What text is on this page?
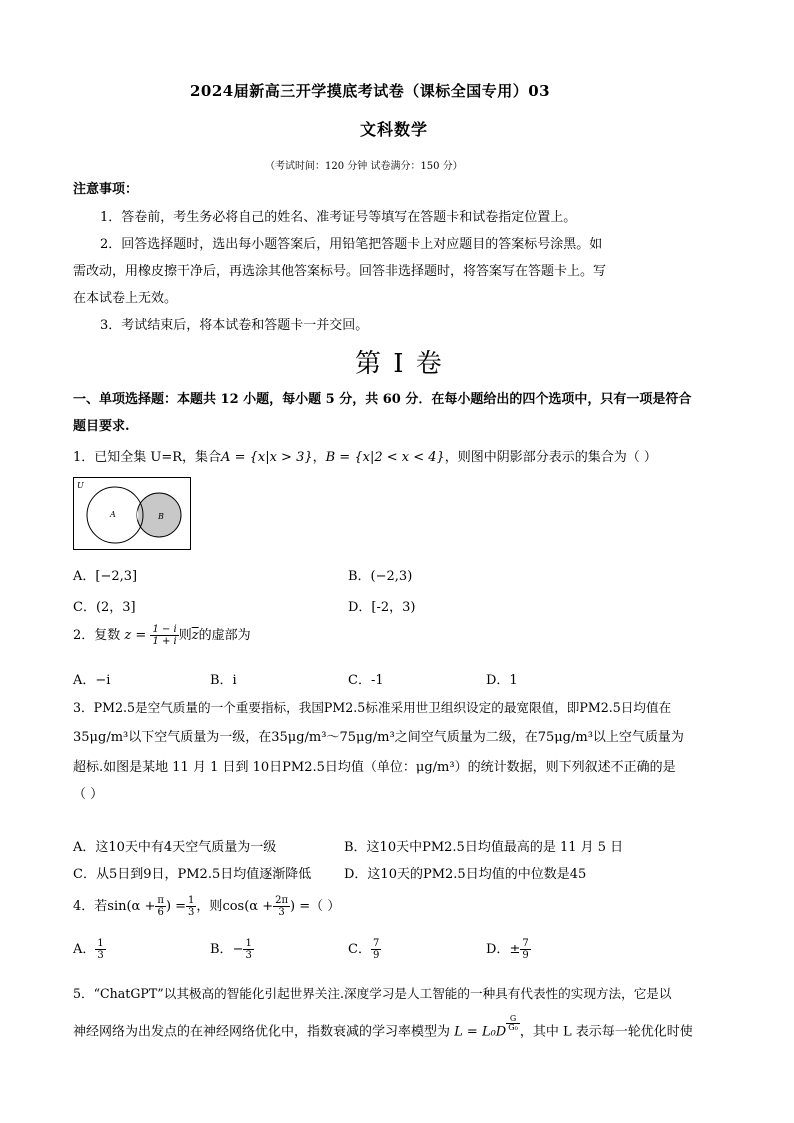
2024届新高三开学摸底考试卷（课标全国专用）03
文科数学
（考试时间：120 分钟 试卷满分：150 分）
注意事项：
1．答卷前，考生务必将自己的姓名、准考证号等填写在答题卡和试卷指定位置上。
2．回答选择题时，选出每小题答案后，用铅笔把答题卡上对应题目的答案标号涂黑。如
需改动，用橡皮擦干净后，再选涂其他答案标号。回答非选择题时，将答案写在答题卡上。写
在本试卷上无效。
3．考试结束后，将本试卷和答题卡一并交回。
第 I 卷
一、单项选择题：本题共 12 小题，每小题 5 分，共 60 分．在每小题给出的四个选项中，只有一项是符合
题目要求.
1．已知全集 U=R，集合A = {x|x > 3}，B = {x|2 < x < 4}，则图中阴影部分表示的集合为（ ）
U
A	B
A．[−2,3]	B．(−2,3)
C．(2，3]	D．[-2，3)
2．复数 $z = \frac{1 - i}{1 + i}$ 则$\overline{z}$的虚部为
A．−i	B．i	C．-1	D．1
3．PM2.5是空气质量的一个重要指标，我国PM2.5标准采用世卫组织设定的最宽限值，即PM2.5日均值在
35μg/m³以下空气质量为一级，在35μg/m³～75μg/m³之间空气质量为二级，在75μg/m³以上空气质量为
超标.如图是某地 11 月 1 日到 10日PM2.5日均值（单位：μg/m³）的统计数据，则下列叙述不正确的是
（ ）
A．这10天中有4天空气质量为一级	B．这10天中PM2.5日均值最高的是 11 月 5 日
C．从5日到9日，PM2.5日均值逐渐降低	D．这10天的PM2.5日均值的中位数是45
4．若$\sin(\alpha + \frac{\pi}{6}$ ) = $\frac{1}{3}$ ，则$\cos(\alpha + \frac{2\pi}{3}$ ) =（ ）
A． $\frac{1}{3}$	B．− $\frac{1}{3}$	C． $\frac{7}{9}$	D．± $\frac{7}{9}$
5．“ChatGPT”以其极高的智能化引起世界关注.深度学习是人工智能的一种具有代表性的实现方法，它是以
神经网络为出发点的在神经网络优化中，指数衰减的学习率模型为 L = L₀D $^{\frac{G}{\text{G₀}}}$ ，其中 L 表示每一轮优化时使
